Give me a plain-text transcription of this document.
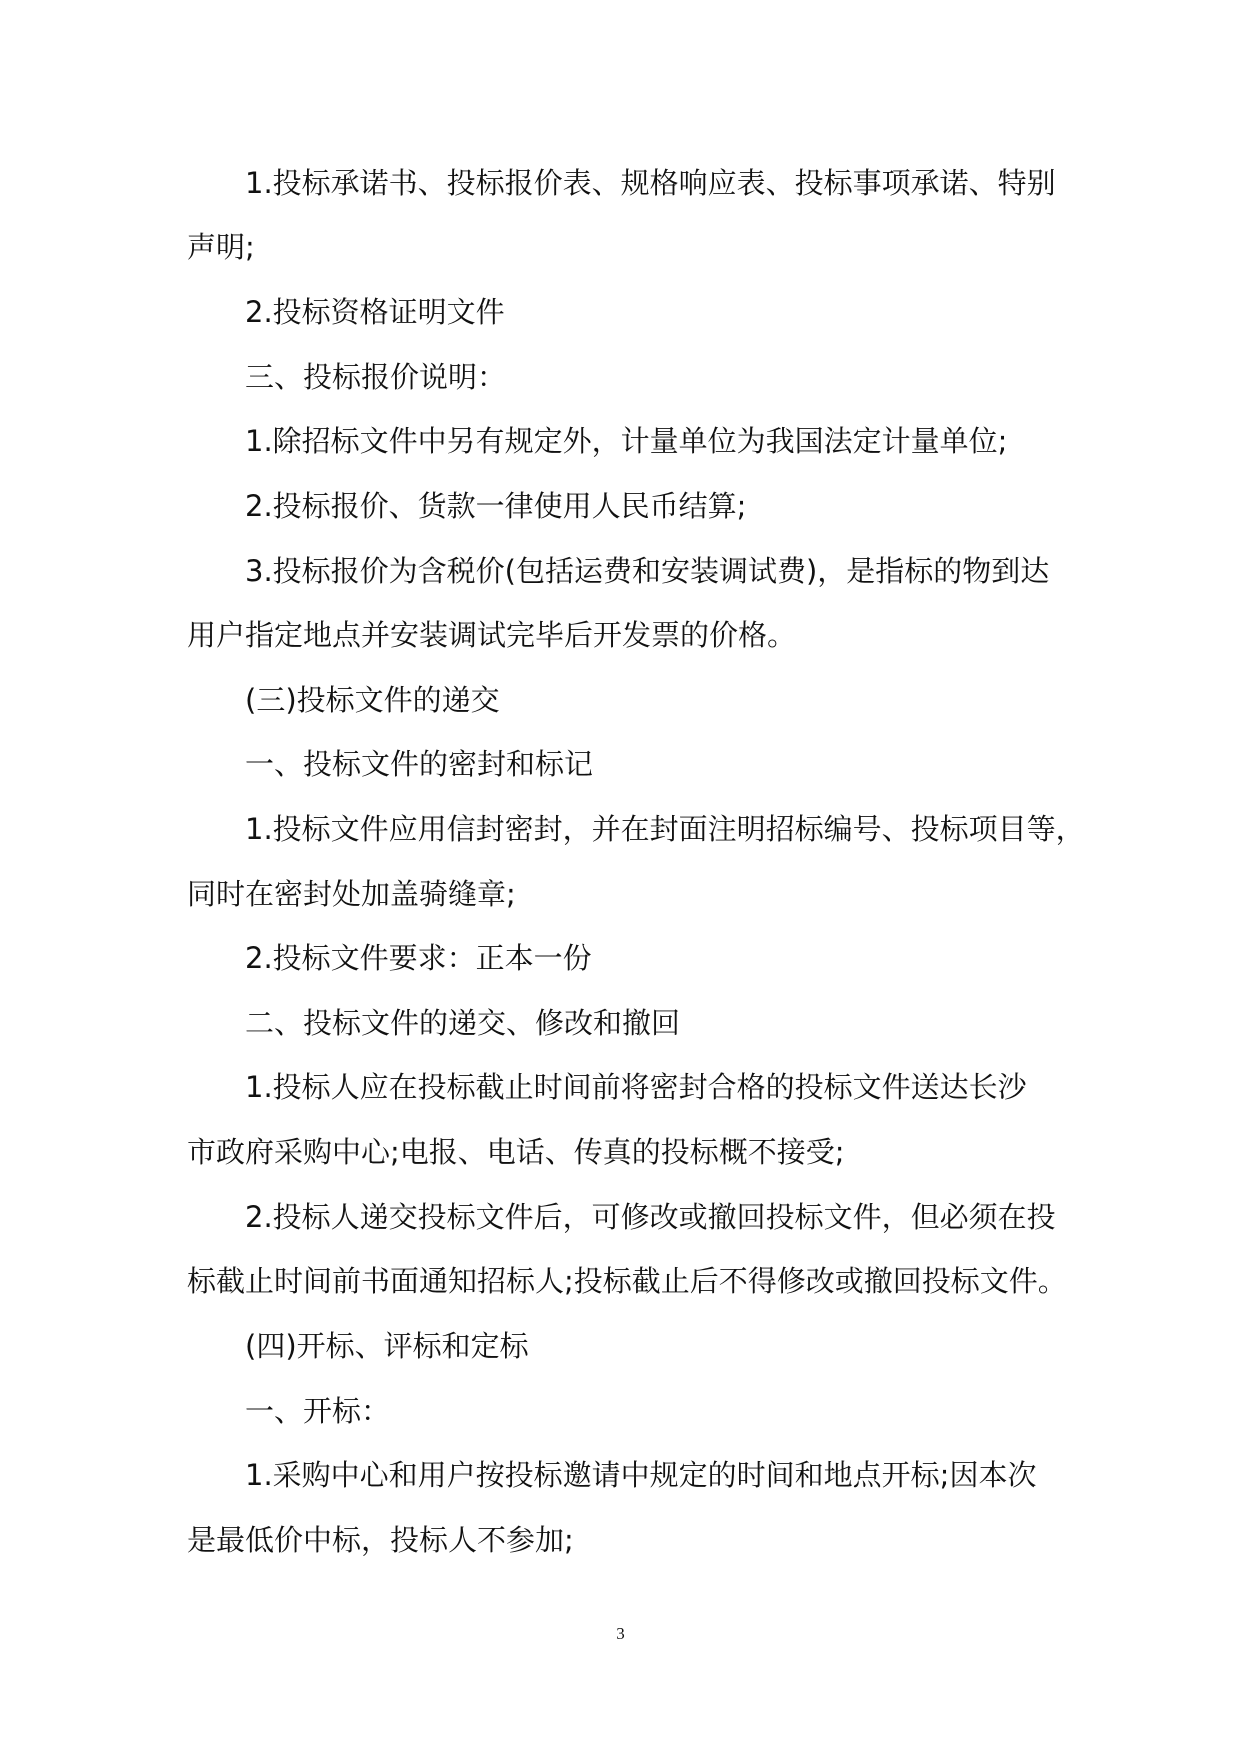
1.投标承诺书、投标报价表、规格响应表、投标事项承诺、特别

声明;

2.投标资格证明文件

三、投标报价说明：

1.除招标文件中另有规定外，计量单位为我国法定计量单位;

2.投标报价、货款一律使用人民币结算;

3.投标报价为含税价(包括运费和安装调试费)，是指标的物到达

用户指定地点并安装调试完毕后开发票的价格。

(三)投标文件的递交

一、投标文件的密封和标记

1.投标文件应用信封密封，并在封面注明招标编号、投标项目等，

同时在密封处加盖骑缝章;

2.投标文件要求：正本一份

二、投标文件的递交、修改和撤回

1.投标人应在投标截止时间前将密封合格的投标文件送达长沙

市政府采购中心;电报、电话、传真的投标概不接受;

2.投标人递交投标文件后，可修改或撤回投标文件，但必须在投

标截止时间前书面通知招标人;投标截止后不得修改或撤回投标文件。

(四)开标、评标和定标

一、开标：

1.采购中心和用户按投标邀请中规定的时间和地点开标;因本次

是最低价中标，投标人不参加;

3
